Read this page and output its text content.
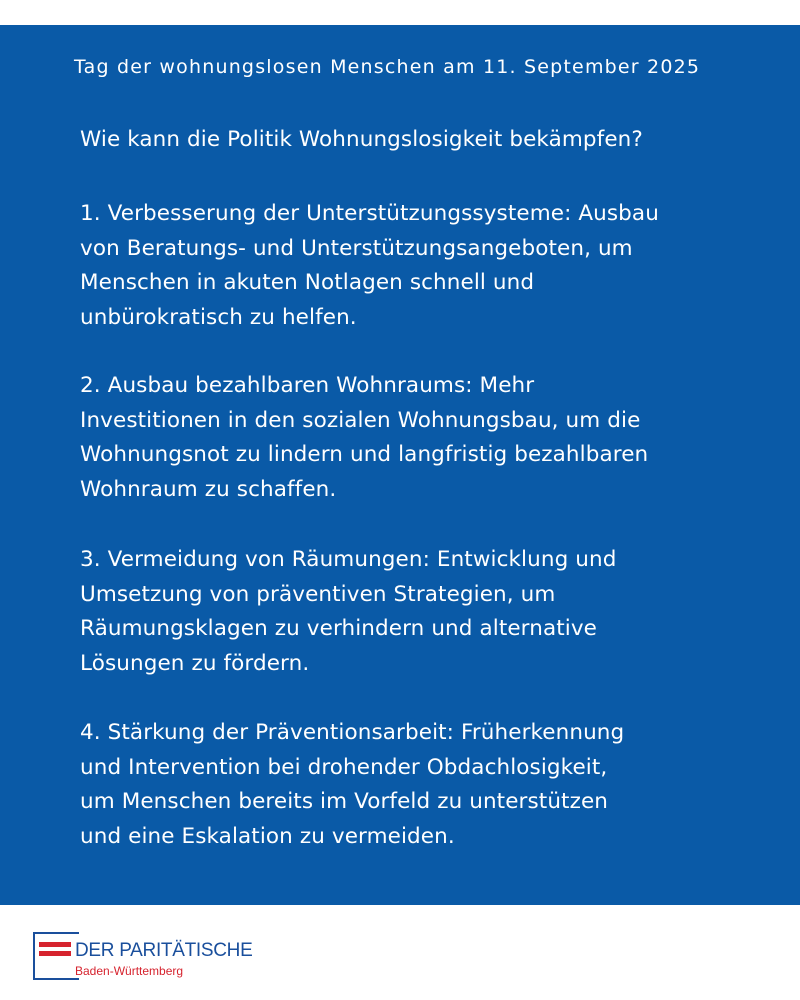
Tag der wohnungslosen Menschen am 11. September 2025
Wie kann die Politik Wohnungslosigkeit bekämpfen?

1. Verbesserung der Unterstützungssysteme: Ausbau
von Beratungs- und Unterstützungsangeboten, um
Menschen in akuten Notlagen schnell und
unbürokratisch zu helfen.

2. Ausbau bezahlbaren Wohnraums: Mehr
Investitionen in den sozialen Wohnungsbau, um die
Wohnungsnot zu lindern und langfristig bezahlbaren
Wohnraum zu schaffen.

3. Vermeidung von Räumungen: Entwicklung und
Umsetzung von präventiven Strategien, um
Räumungsklagen zu verhindern und alternative
Lösungen zu fördern.

4. Stärkung der Präventionsarbeit: Früherkennung
und Intervention bei drohender Obdachlosigkeit,
um Menschen bereits im Vorfeld zu unterstützen
und eine Eskalation zu vermeiden.

DER PARITÄTISCHE
Baden-Württemberg
